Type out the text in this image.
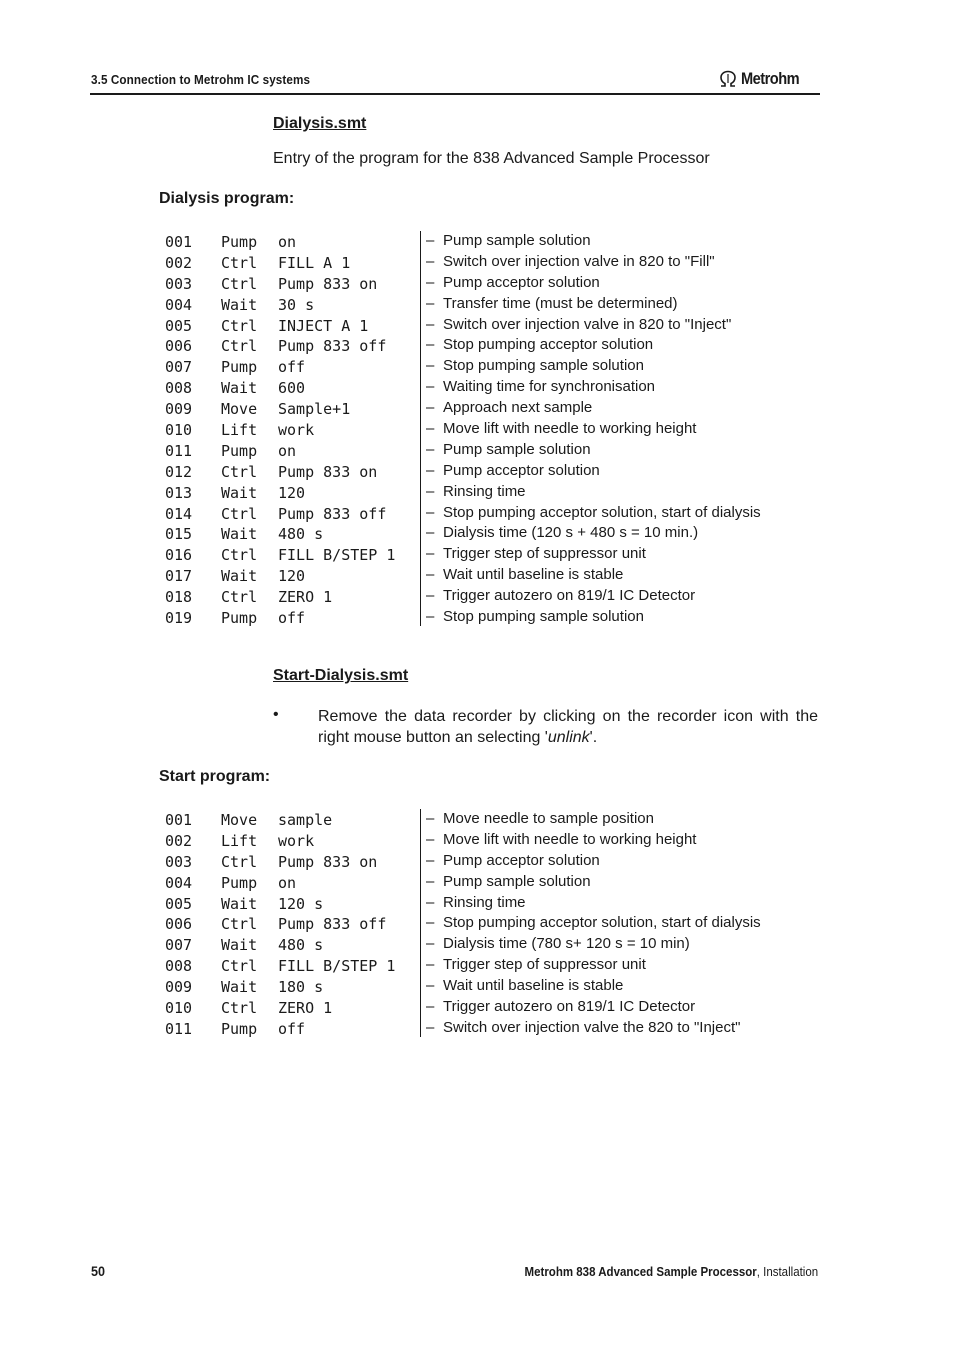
3.5 Connection to Metrohm IC systems	Metrohm
Dialysis.smt
Entry of the program for the 838 Advanced Sample Processor
Dialysis program:
001 Pump on	– Pump sample solution
002 Ctrl FILL A 1	– Switch over injection valve in 820 to "Fill"
003 Ctrl Pump 833 on	– Pump acceptor solution
004 Wait 30 s	– Transfer time (must be determined)
005 Ctrl INJECT A 1	– Switch over injection valve in 820 to "Inject"
006 Ctrl Pump 833 off	– Stop pumping acceptor solution
007 Pump off	– Stop pumping sample solution
008 Wait 600	– Waiting time for synchronisation
009 Move Sample+1	– Approach next sample
010 Lift work	– Move lift with needle to working height
011 Pump on	– Pump sample solution
012 Ctrl Pump 833 on	– Pump acceptor solution
013 Wait 120	– Rinsing time
014 Ctrl Pump 833 off	– Stop pumping acceptor solution, start of dialysis
015 Wait 480 s	– Dialysis time (120 s + 480 s = 10 min.)
016 Ctrl FILL B/STEP 1 – Trigger step of suppressor unit
017 Wait 120	– Wait until baseline is stable
018 Ctrl ZERO 1	– Trigger autozero on 819/1 IC Detector
019 Pump off	– Stop pumping sample solution
Start-Dialysis.smt
• Remove the data recorder by clicking on the recorder icon with the right mouse button an selecting 'unlink'.
Start program:
001 Move sample	– Move needle to sample position
002 Lift work	– Move lift with needle to working height
003 Ctrl Pump 833 on	– Pump acceptor solution
004 Pump on	– Pump sample solution
005 Wait 120 s	– Rinsing time
006 Ctrl Pump 833 off	– Stop pumping acceptor solution, start of dialysis
007 Wait 480 s	– Dialysis time (780 s+ 120 s = 10 min)
008 Ctrl FILL B/STEP 1 – Trigger step of suppressor unit
009 Wait 180 s	– Wait until baseline is stable
010 Ctrl ZERO 1	– Trigger autozero on 819/1 IC Detector
011 Pump off	– Switch over injection valve the 820 to "Inject"
50	Metrohm 838 Advanced Sample Processor, Installation
